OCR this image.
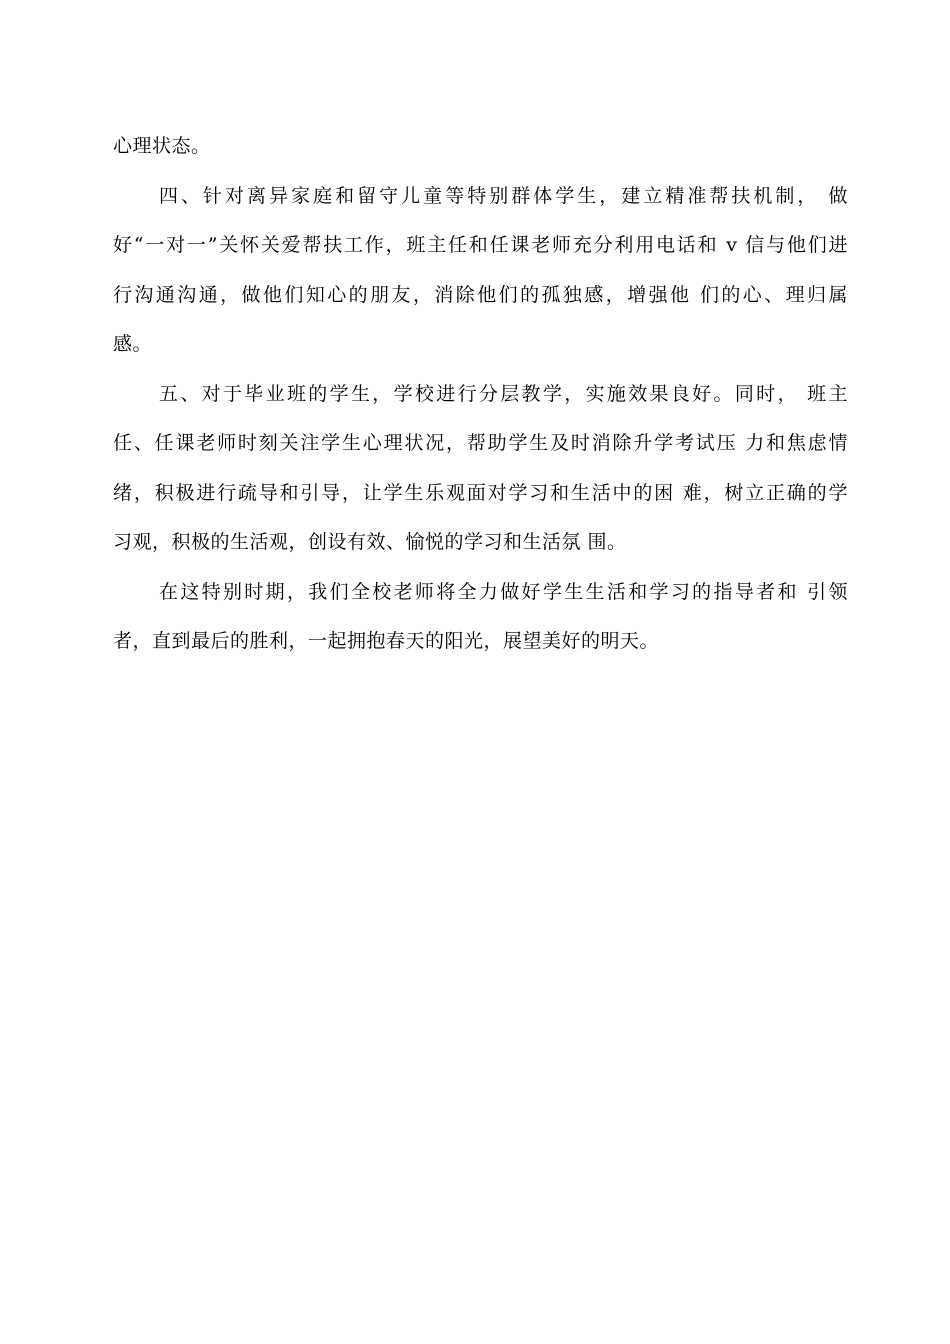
心理状态。

四、针对离异家庭和留守儿童等特别群体学生，建立精准帮扶机制， 做
好“一对一”关怀关爱帮扶工作，班主任和任课老师充分利用电话和 v 信与他们进
行沟通沟通，做他们知心的朋友，消除他们的孤独感，增强他 们的心、理归属
感。

五、对于毕业班的学生，学校进行分层教学，实施效果良好。同时， 班主
任、任课老师时刻关注学生心理状况，帮助学生及时消除升学考试压 力和焦虑情
绪，积极进行疏导和引导，让学生乐观面对学习和生活中的困 难，树立正确的学
习观，积极的生活观，创设有效、愉悦的学习和生活氛 围。

在这特别时期，我们全校老师将全力做好学生生活和学习的指导者和 引领
者，直到最后的胜利，一起拥抱春天的阳光，展望美好的明天。
